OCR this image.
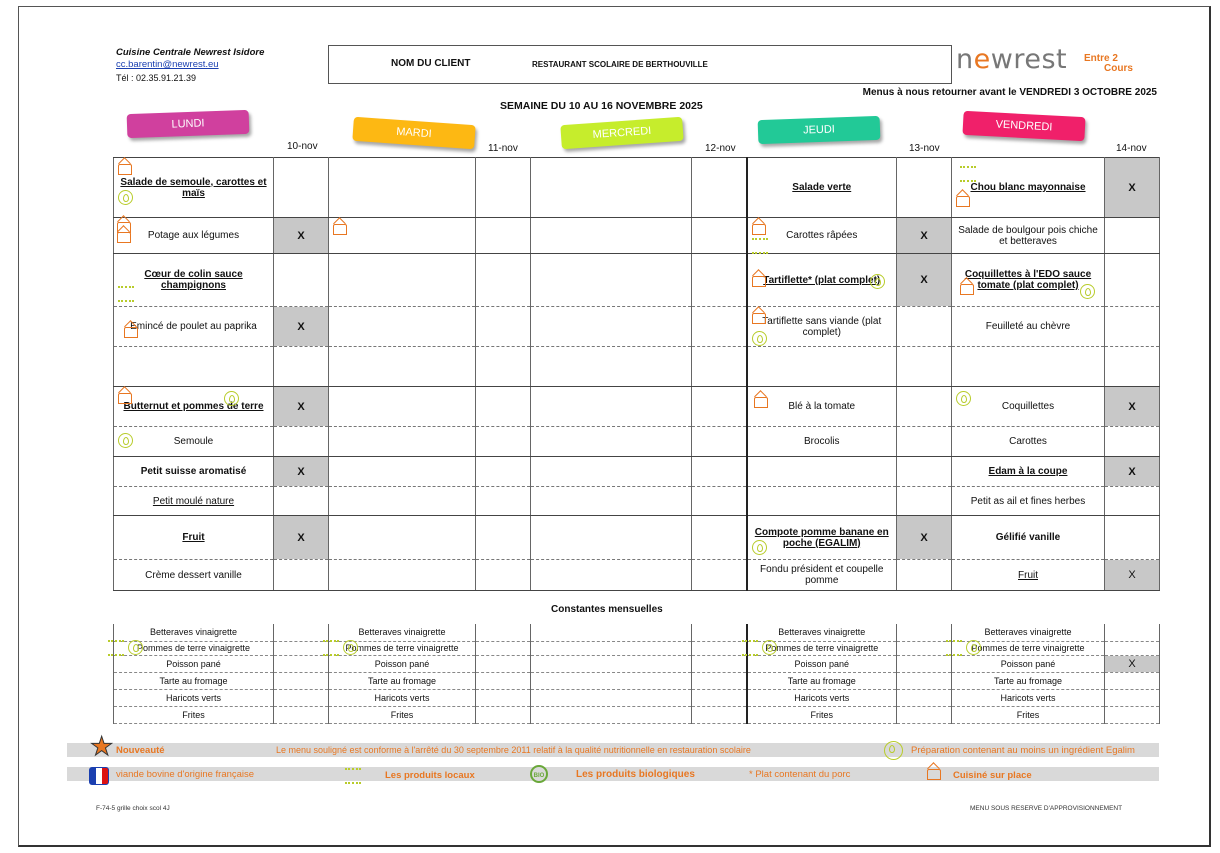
Cuisine Centrale Newrest Isidore
cc.barentin@newrest.eu
Tél : 02.35.91.21.39
NOM DU CLIENT	RESTAURANT SCOLAIRE DE BERTHOUVILLE	newrest Entre 2
Cours
Menus à nous retourner avant le VENDREDI 3 OCTOBRE 2025
SEMAINE DU 10 AU 16 NOVEMBRE 2025
LUNDI
MARDI	MERCREDI	JEUDI	VENDREDI
10-nov	11-nov	12-nov	13-nov	14-nov
Salade de semoule, carottes et maïs						Salade verte		Chou blanc mayonnaise	X
Potage aux légumes	X					Carottes râpées	X	Salade de boulgour pois chiche et betteraves	
Cœur de colin sauce champignons						Tartiflette* (plat complet)	X	Coquillettes à l'EDO sauce tomate (plat complet)

Emincé de poulet au paprika	X					Tartiflette sans viande (plat complet)		Feuilleté au chèvre	

Butternut et pommes de terre	X					Blé à la tomate		Coquillettes	X
Semoule						Brocolis		Carottes	
Petit suisse aromatisé	X							Edam à la coupe	X
Petit moulé nature								Petit as ail et fines herbes	
Fruit	X					Compote pomme banane en poche (EGALIM)	X	Gélifié vanille	
Crème dessert vanille						Fondu président et coupelle pomme		Fruit	X
Constantes mensuelles
Betteraves vinaigrette		Betteraves vinaigrette				Betteraves vinaigrette		Betteraves vinaigrette	
Pommes de terre vinaigrette		Pommes de terre vinaigrette				Pommes de terre vinaigrette		Pommes de terre vinaigrette

Poisson pané		Poisson pané				Poisson pané		Poisson pané	X
Tarte au fromage		Tarte au fromage				Tarte au fromage		Tarte au fromage	
Haricots verts		Haricots verts				Haricots verts		Haricots verts	
Frites		Frites				Frites		Frites	
★ Nouveauté	Le menu souligné est conforme à l'arrêté du 30 septembre 2011 relatif à la qualité nutritionnelle en restauration scolaire	Préparation contenant au moins un ingrédient Egalim
viande bovine d'origine française	Les produits locaux	BIO	Les produits biologiques	* Plat contenant du porc	Cuisiné sur place
F-74-5 grille choix scol 4J	MENU SOUS RESERVE D'APPROVISIONNEMENT
